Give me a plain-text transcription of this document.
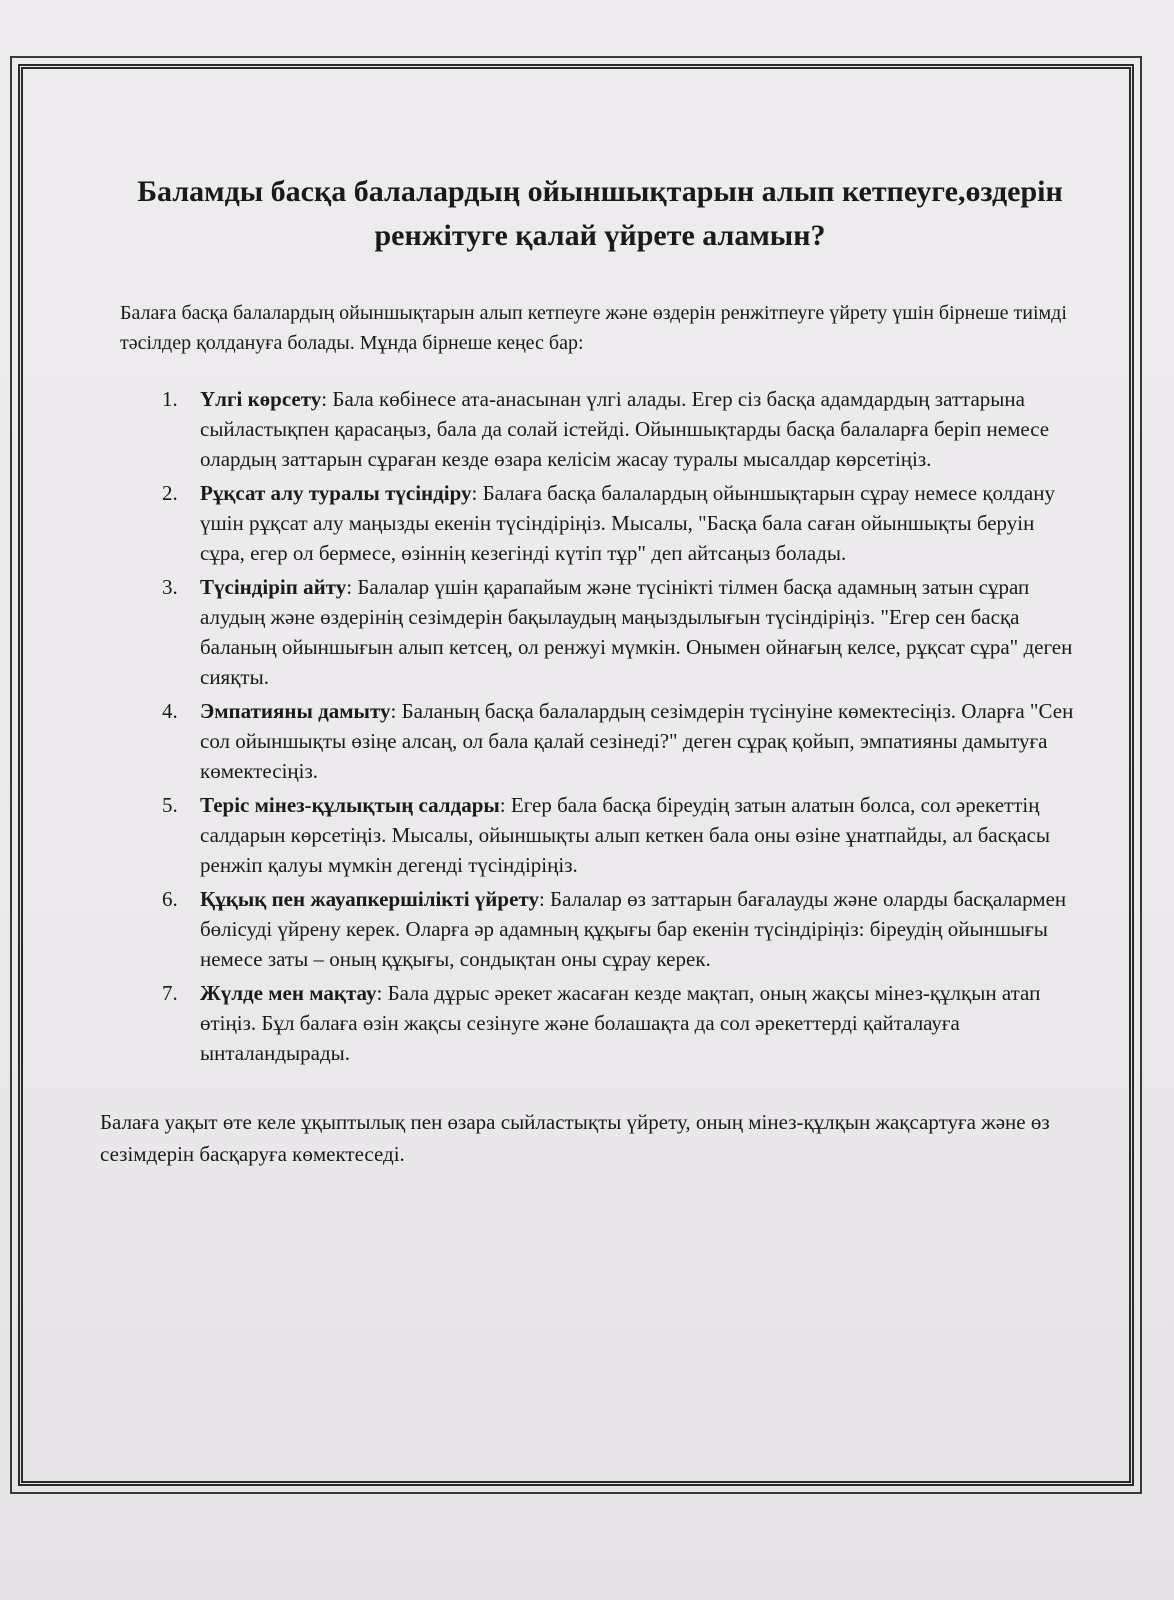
Баламды басқа балалардың ойыншықтарын алып кетпеуге,өздерін ренжітуге қалай үйрете аламын?

Балаға басқа балалардың ойыншықтарын алып кетпеуге және өздерін ренжітпеуге үйрету үшін бірнеше тиімді тәсілдер қолдануға болады. Мұнда бірнеше кеңес бар:

1. Үлгі көрсету: Бала көбінесе ата-анасынан үлгі алады. Егер сіз басқа адамдардың заттарына сыйластықпен қарасаңыз, бала да солай істейді. Ойыншықтарды басқа балаларға беріп немесе олардың заттарын сұраған кезде өзара келісім жасау туралы мысалдар көрсетіңіз.
2. Рұқсат алу туралы түсіндіру: Балаға басқа балалардың ойыншықтарын сұрау немесе қолдану үшін рұқсат алу маңызды екенін түсіндіріңіз. Мысалы, "Басқа бала саған ойыншықты беруін сұра, егер ол бермесе, өзіннің кезегінді күтіп тұр" деп айтсаңыз болады.
3. Түсіндіріп айту: Балалар үшін қарапайым және түсінікті тілмен басқа адамның затын сұрап алудың және өздерінің сезімдерін бақылаудың маңыздылығын түсіндіріңіз. "Егер сен басқа баланың ойыншығын алып кетсең, ол ренжуі мүмкін. Онымен ойнағың келсе, рұқсат сұра" деген сияқты.
4. Эмпатияны дамыту: Баланың басқа балалардың сезімдерін түсінуіне көмектесіңіз. Оларға "Сен сол ойыншықты өзіңе алсаң, ол бала қалай сезінеді?" деген сұрақ қойып, эмпатияны дамытуға көмектесіңіз.
5. Теріс мінез-құлықтың салдары: Егер бала басқа біреудің затын алатын болса, сол әрекеттің салдарын көрсетіңіз. Мысалы, ойыншықты алып кеткен бала оны өзіне ұнатпайды, ал басқасы ренжіп қалуы мүмкін дегенді түсіндіріңіз.
6. Құқық пен жауапкершілікті үйрету: Балалар өз заттарын бағалауды және оларды басқалармен бөлісуді үйрену керек. Оларға әр адамның құқығы бар екенін түсіндіріңіз: біреудің ойыншығы немесе заты – оның құқығы, сондықтан оны сұрау керек.
7. Жүлде мен мақтау: Бала дұрыс әрекет жасаған кезде мақтап, оның жақсы мінез-құлқын атап өтіңіз. Бұл балаға өзін жақсы сезінуге және болашақта да сол әрекеттерді қайталауға ынталандырады.

Балаға уақыт өте келе ұқыптылық пен өзара сыйластықты үйрету, оның мінез-құлқын жақсартуға және өз сезімдерін басқаруға көмектеседі.
